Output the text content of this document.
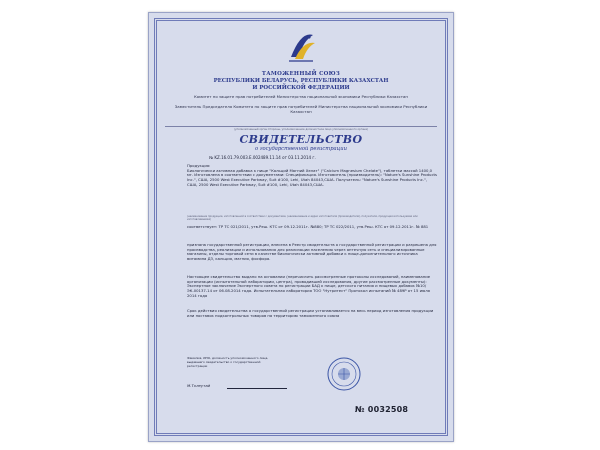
ТАМОЖЕННЫЙ СОЮЗ
РЕСПУБЛИКИ БЕЛАРУСЬ, РЕСПУБЛИКИ КАЗАХСТАН
И РОССИЙСКОЙ ФЕДЕРАЦИИ
Комитет по защите прав потребителей Министерства национальной экономики Республики Казахстан
Заместитель Председателя Комитета по защите прав потребителей Министерства национальной экономики Республики Казахстан
(уполномоченный орган Стороны, уполномоченное должностное лицо уполномоченного органа)
СВИДЕТЕЛЬСТВО
о государственной регистрации
№ KZ.16.01.79.003.E.002489.11.14 от 03.11.2014 г.
Продукция:
Биологически активная добавка к пище "Кальций Магний Хелат" ("Calcium Magnesium Chelate"), таблетки массой 1400,0 мг. Изготовлена в соответствии с документами: Спецификация. Изготовитель (производитель): "Nature's Sunshine Products Inc.", США, 2500 West Executive Parkway, Suit #100, Lehi, Utah 84043,США. Получатель: "Nature's Sunshine Products Inc.", США, 2500 West Executive Parkway, Suit #100, Lehi, Utah 84043,США.
(наименование продукции, изготовленной в соответствии с документами, (наименование и адрес изготовителя (производителя), получателя, продукция используемая или изготавливаемая)
соответствует: ТР ТС 021/2011, утв.Реш. КТС от 09.12.2011г. №880; ТР ТС 022/2011, утв.Реш. КТС от 09.12.2011г. № 881
признана государственной регистрации, внесена в Реестр свидетельств о государственной регистрации и разрешена для производства, реализации и использования для реализации населению через аптечную сеть и специализированные магазины, отделы торговой сети в качестве биологически активной добавки к пище-дополнительного источника витамина Д3, кальция, магния, фосфора.
Настоящее свидетельство выдано на основании (перечислить рассмотренные протоколы исследований, наименование организации (испытательной лаборатории, центра), проводившей исследования, другие рассмотренные документы): Экспертное заключение Экспертного совета по регистрации БАД к пище, детского питания и пищевых добавок №10/ЭК-00137-14 от 06.08.2014 года. Испытательная лаборатория ТОО "Нутритест" Протокол испытаний № 489Р от 15 июля 2014 года
Срок действия свидетельства о государственной регистрации устанавливается на весь период изготовления продукции или поставок подконтрольных товаров на территорию таможенного союза
Фамилия, ИНО, должность уполномоченного лица, выдавшего свидетельство о государственной регистрации
М.Толеутай
№ 0032508
